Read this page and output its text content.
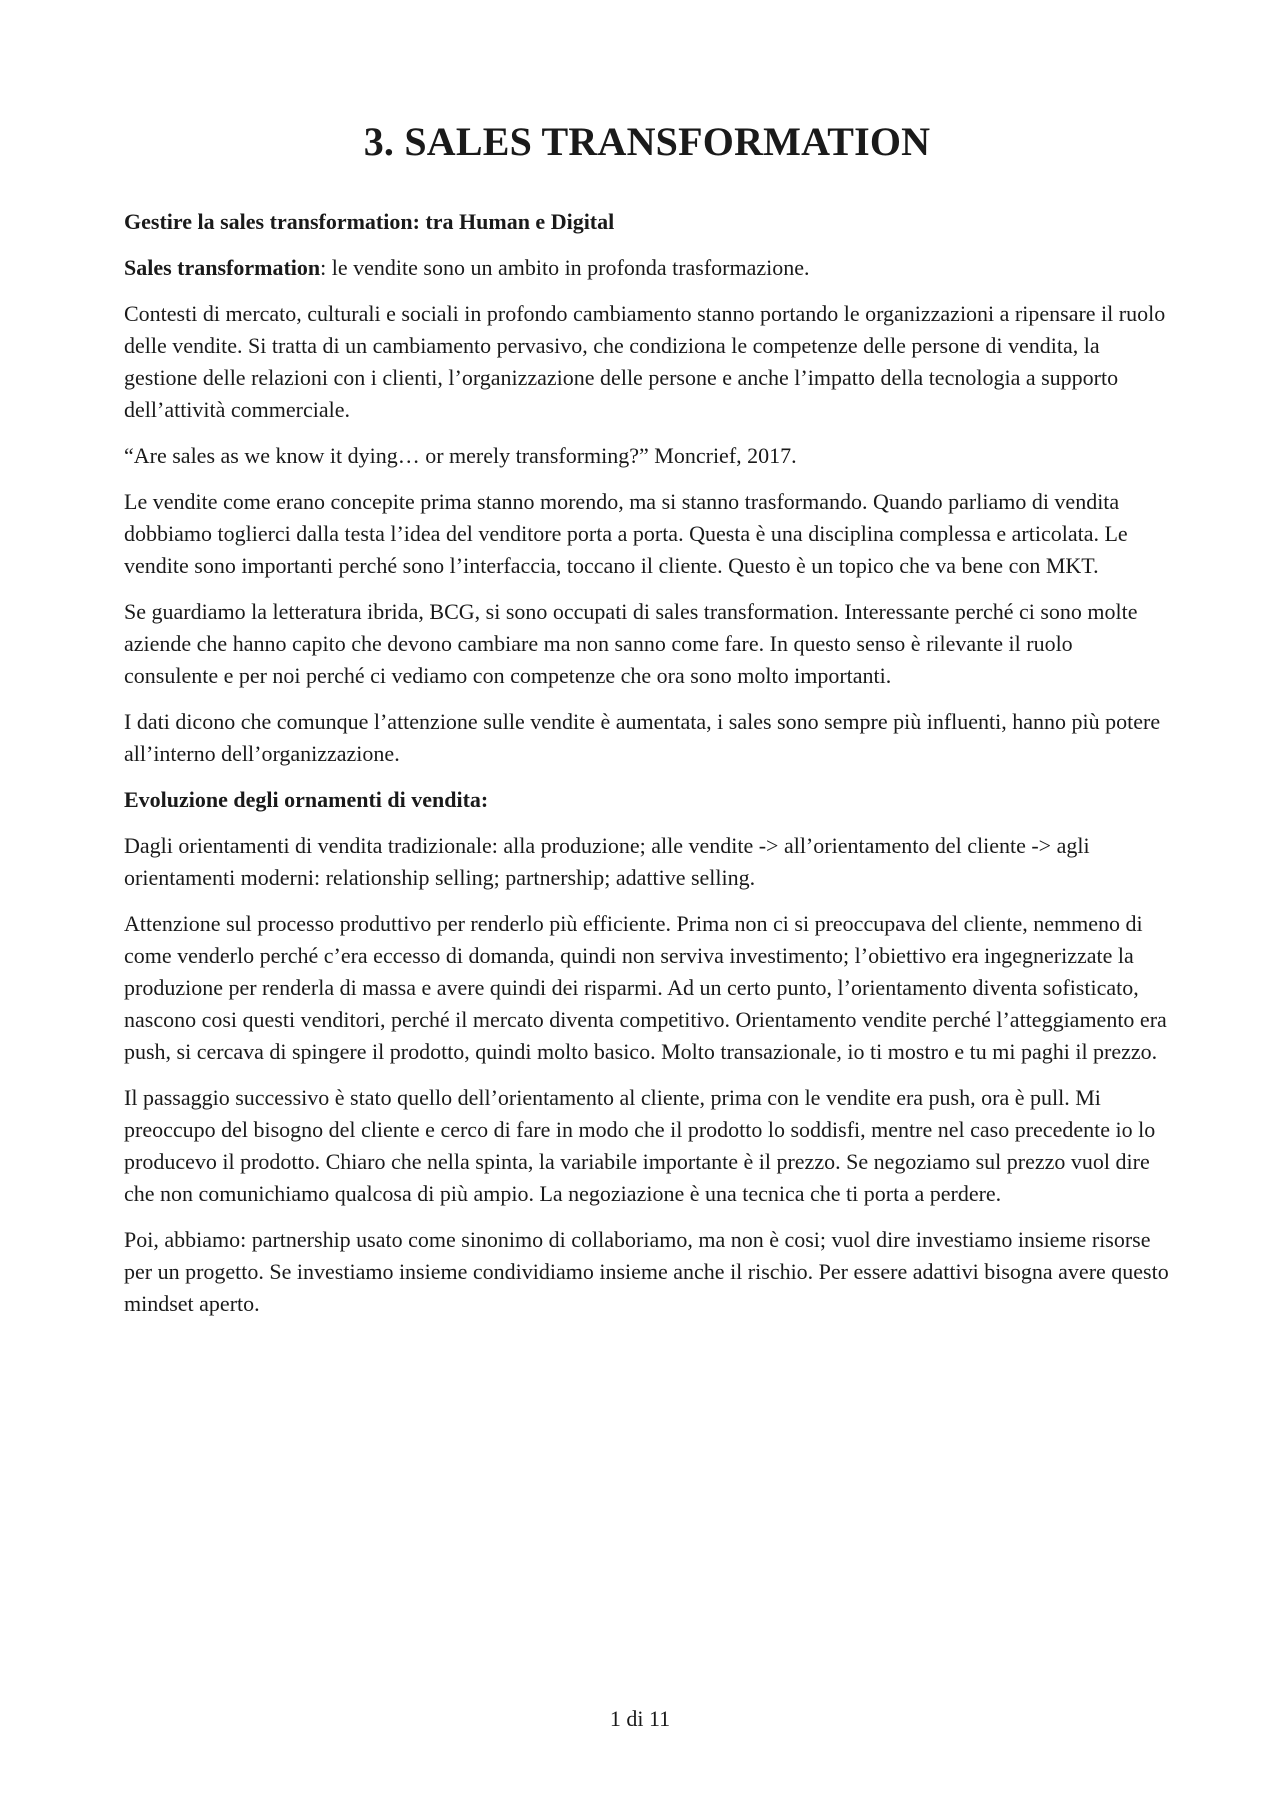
3. SALES TRANSFORMATION
Gestire la sales transformation: tra Human e Digital

Sales transformation: le vendite sono un ambito in profonda trasformazione.

Contesti di mercato, culturali e sociali in profondo cambiamento stanno portando le organizzazioni a ripensare il ruolo delle vendite. Si tratta di un cambiamento pervasivo, che condiziona le competenze delle persone di vendita, la gestione delle relazioni con i clienti, l’organizzazione delle persone e anche l’impatto della tecnologia a supporto dell’attività commerciale.

“Are sales as we know it dying… or merely transforming?” Moncrief, 2017.

Le vendite come erano concepite prima stanno morendo, ma si stanno trasformando. Quando parliamo di vendita dobbiamo toglierci dalla testa l’idea del venditore porta a porta. Questa è una disciplina complessa e articolata. Le vendite sono importanti perché sono l’interfaccia, toccano il cliente. Questo è un topico che va bene con MKT.

Se guardiamo la letteratura ibrida, BCG, si sono occupati di sales transformation. Interessante perché ci sono molte aziende che hanno capito che devono cambiare ma non sanno come fare. In questo senso è rilevante il ruolo consulente e per noi perché ci vediamo con competenze che ora sono molto importanti.

I dati dicono che comunque l’attenzione sulle vendite è aumentata, i sales sono sempre più influenti, hanno più potere all’interno dell’organizzazione.

Evoluzione degli ornamenti di vendita:

Dagli orientamenti di vendita tradizionale: alla produzione; alle vendite -> all’orientamento del cliente -> agli orientamenti moderni: relationship selling; partnership; adattive selling.

Attenzione sul processo produttivo per renderlo più efficiente. Prima non ci si preoccupava del cliente, nemmeno di come venderlo perché c’era eccesso di domanda, quindi non serviva investimento; l’obiettivo era ingegnerizzate la produzione per renderla di massa e avere quindi dei risparmi. Ad un certo punto, l’orientamento diventa sofisticato, nascono cosi questi venditori, perché il mercato diventa competitivo. Orientamento vendite perché l’atteggiamento era push, si cercava di spingere il prodotto, quindi molto basico. Molto transazionale, io ti mostro e tu mi paghi il prezzo.

Il passaggio successivo è stato quello dell’orientamento al cliente, prima con le vendite era push, ora è pull. Mi preoccupo del bisogno del cliente e cerco di fare in modo che il prodotto lo soddisfi, mentre nel caso precedente io lo producevo il prodotto. Chiaro che nella spinta, la variabile importante è il prezzo. Se negoziamo sul prezzo vuol dire che non comunichiamo qualcosa di più ampio. La negoziazione è una tecnica che ti porta a perdere.

Poi, abbiamo: partnership usato come sinonimo di collaboriamo, ma non è cosi; vuol dire investiamo insieme risorse per un progetto. Se investiamo insieme condividiamo insieme anche il rischio. Per essere adattivi bisogna avere questo mindset aperto.

1 di 11
